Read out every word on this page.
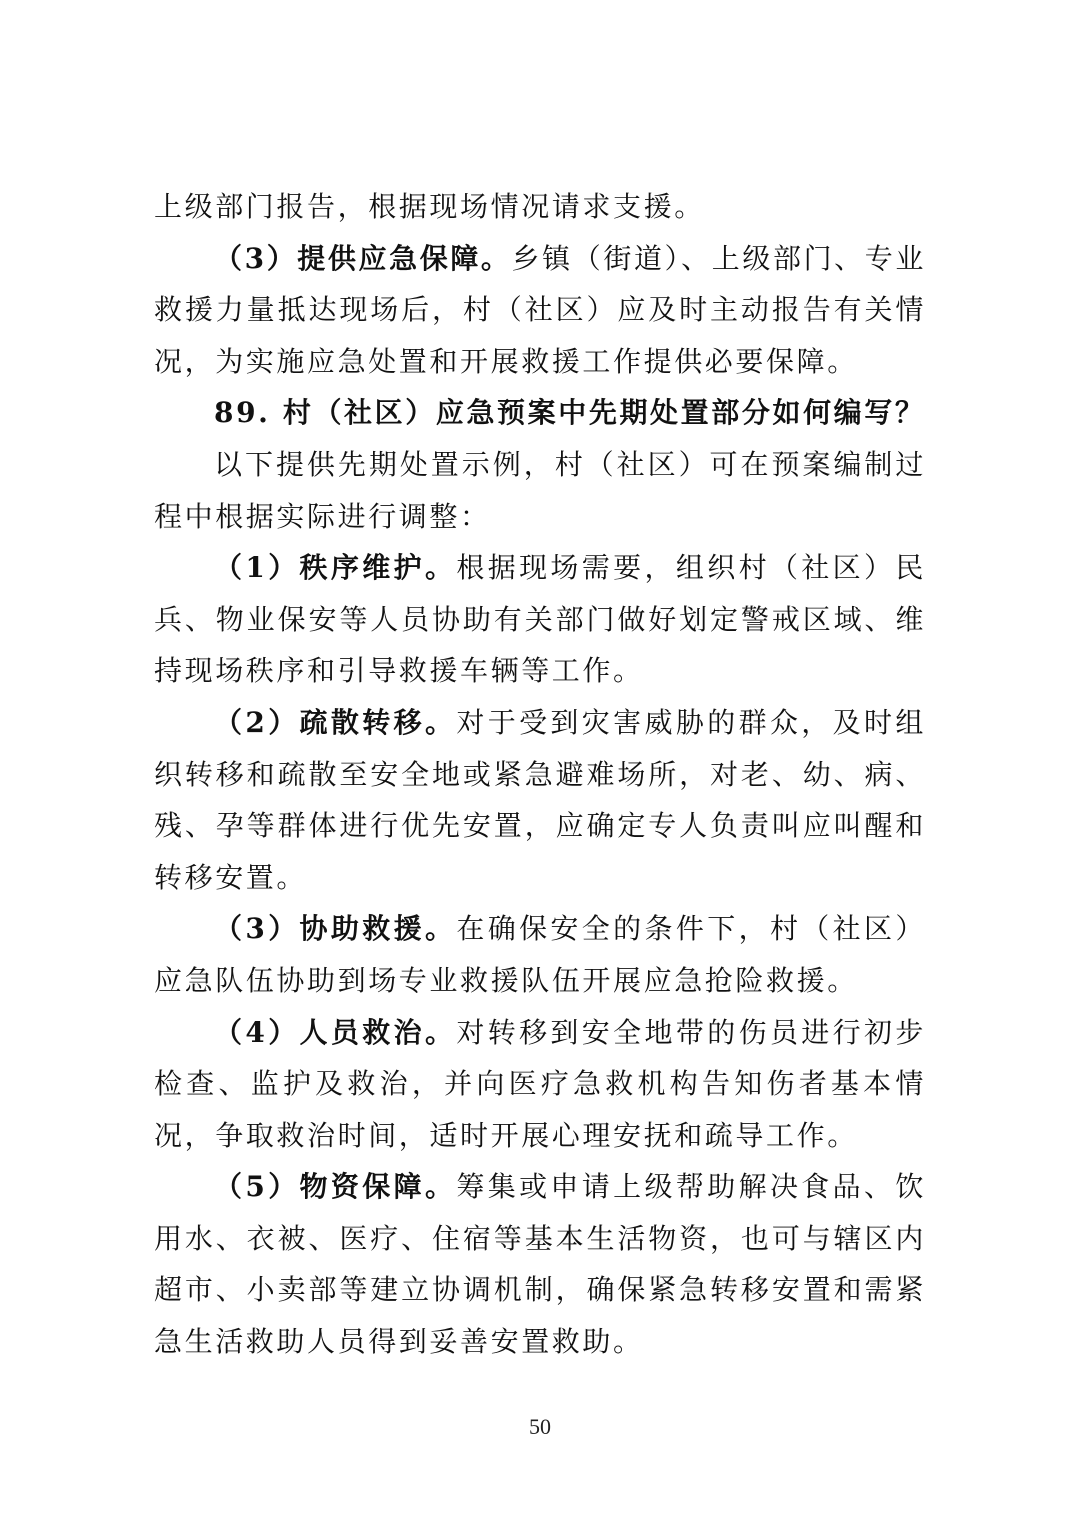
上级部门报告，根据现场情况请求支援。

（3）提供应急保障。乡镇（街道）、上级部门、专业救援力量抵达现场后，村（社区）应及时主动报告有关情况，为实施应急处置和开展救援工作提供必要保障。

89. 村（社区）应急预案中先期处置部分如何编写？

以下提供先期处置示例，村（社区）可在预案编制过程中根据实际进行调整：

（1）秩序维护。根据现场需要，组织村（社区）民兵、物业保安等人员协助有关部门做好划定警戒区域、维持现场秩序和引导救援车辆等工作。

（2）疏散转移。对于受到灾害威胁的群众，及时组织转移和疏散至安全地或紧急避难场所，对老、幼、病、残、孕等群体进行优先安置，应确定专人负责叫应叫醒和转移安置。

（3）协助救援。在确保安全的条件下，村（社区）应急队伍协助到场专业救援队伍开展应急抢险救援。

（4）人员救治。对转移到安全地带的伤员进行初步检查、监护及救治，并向医疗急救机构告知伤者基本情况，争取救治时间，适时开展心理安抚和疏导工作。

（5）物资保障。筹集或申请上级帮助解决食品、饮用水、衣被、医疗、住宿等基本生活物资，也可与辖区内超市、小卖部等建立协调机制，确保紧急转移安置和需紧急生活救助人员得到妥善安置救助。

50
